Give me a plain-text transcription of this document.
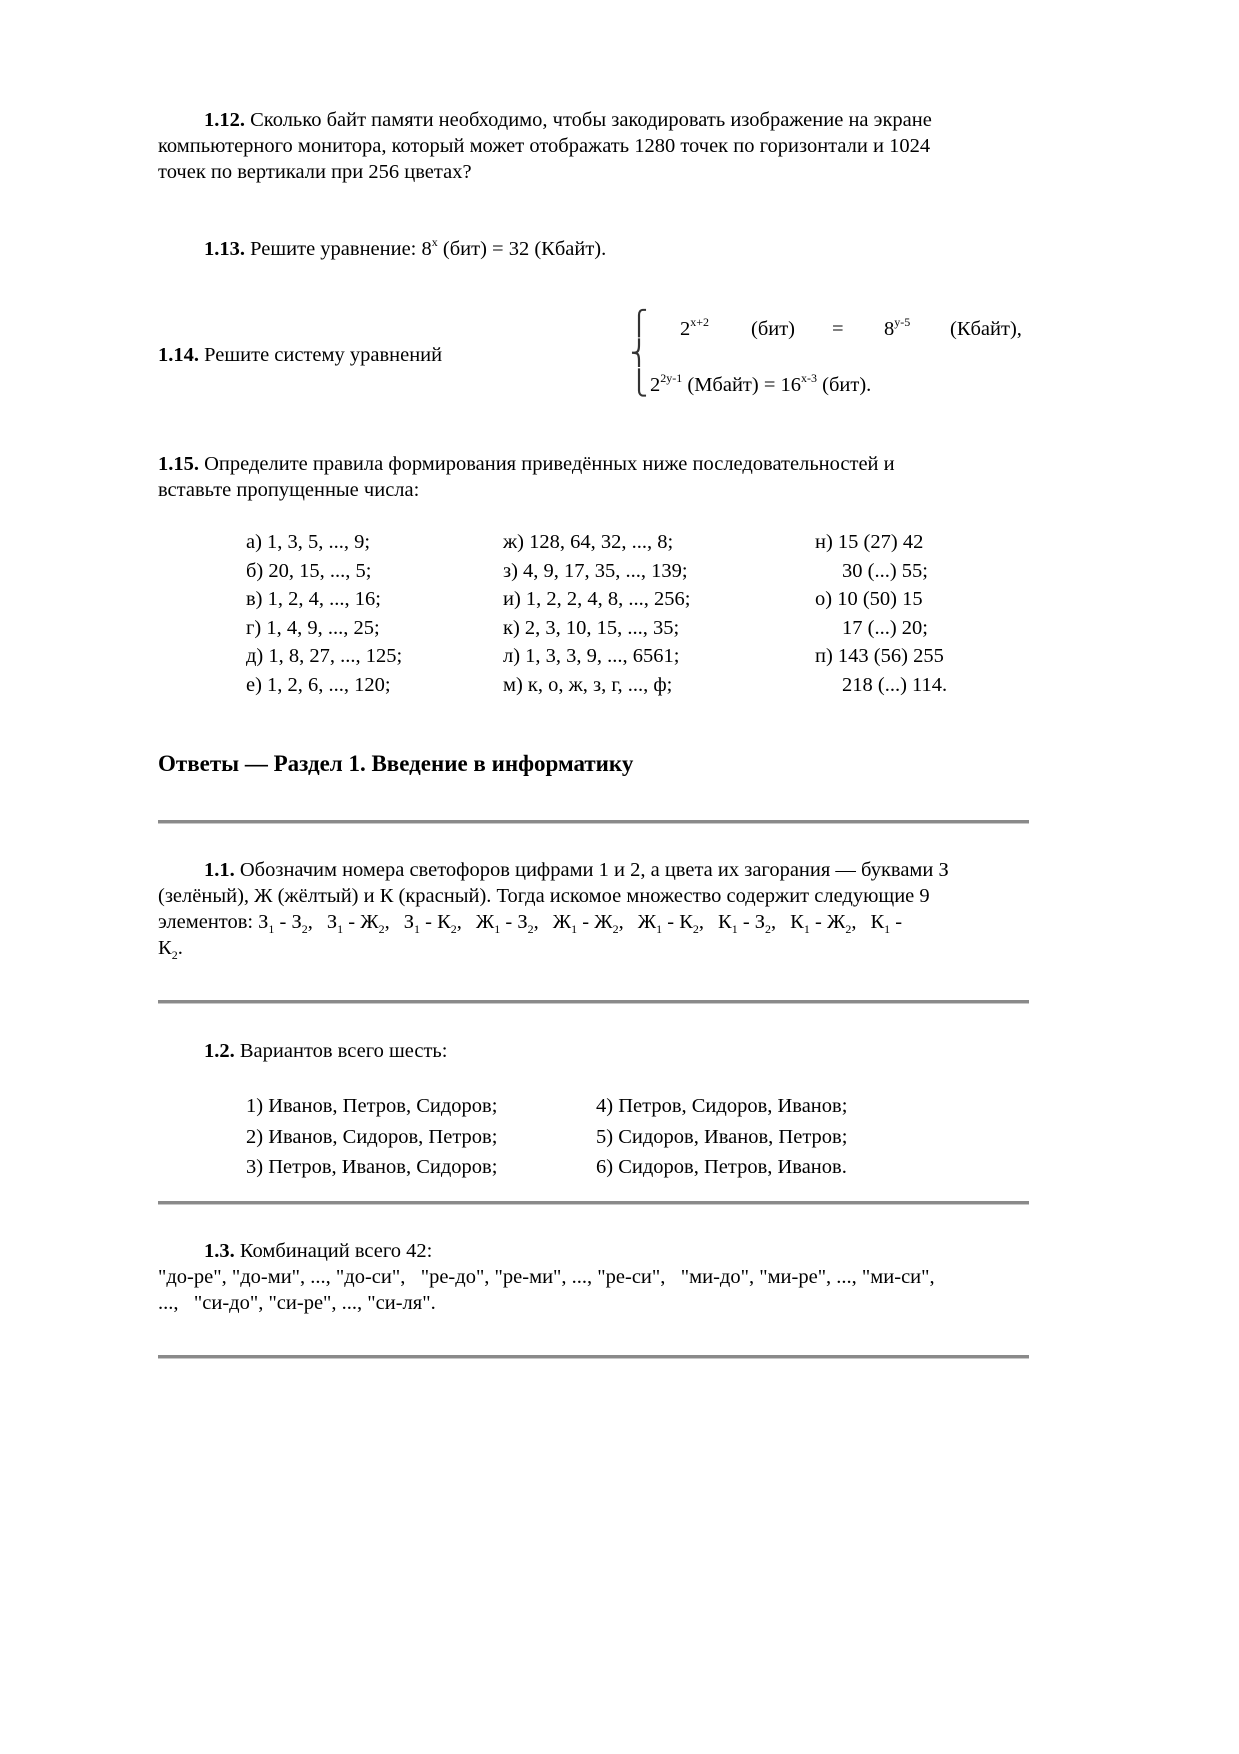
1.12. Сколько байт памяти необходимо, чтобы закодировать изображение на экране
компьютерного монитора, который может отображать 1280 точек по горизонтали и 1024
точек по вертикали при 256 цветах?
1.13. Решите уравнение: 8$^x$ (бит) = 32 (Кбайт).
1.14. Решите систему уравнений
⎧
⎨
⎩
$2^{x+2}$ $(бит) = 8^{y-5}$ (Кбайт),
$2^{2y-1}$ (Мбайт) = $16^{x-3}$ (бит).
1.15. Определите правила формирования приведённых ниже последовательностей и
вставьте пропущенные числа:
а) 1, 3, 5, ..., 9;
б) 20, 15, ..., 5;
в) 1, 2, 4, ..., 16;
г) 1, 4, 9, ..., 25;
д) 1, 8, 27, ..., 125;
е) 1, 2, 6, ..., 120;
ж) 128, 64, 32, ..., 8;
з) 4, 9, 17, 35, ..., 139;
и) 1, 2, 2, 4, 8, ..., 256;
к) 2, 3, 10, 15, ..., 35;
л) 1, 3, 3, 9, ..., 6561;
м) к, о, ж, з, г, ..., ф;
н) 15 (27) 42
30 (...) 55;
о) 10 (50) 15
17 (...) 20;
п) 143 (56) 255
218 (...) 114.
Ответы — Раздел 1. Введение в информатику
1.1. Обозначим номера светофоров цифрами 1 и 2, а цвета их загорания — буквами З
(зелёный), Ж (жёлтый) и К (красный). Тогда искомое множество содержит следующие 9
элементов: $З_1 - З_2$, $З_1 - Ж_2$, $З_1 - К_2$, $Ж_1 - З_2$, $Ж_1 - Ж_2$, $Ж_1 - К_2$, $К_1 - З_2$, $К_1 - Ж_2$, $К_1$ -
$К_2$.
1.2. Вариантов всего шесть:
1) Иванов, Петров, Сидоров;
2) Иванов, Сидоров, Петров;
3) Петров, Иванов, Сидоров;
4) Петров, Сидоров, Иванов;
5) Сидоров, Иванов, Петров;
6) Сидоров, Петров, Иванов.
1.3. Комбинаций всего 42:
"до-ре", "до-ми", ..., "до-си",   "ре-до", "ре-ми", ..., "ре-си",   "ми-до", "ми-ре", ..., "ми-си",
...,   "си-до", "си-ре", ..., "си-ля".
